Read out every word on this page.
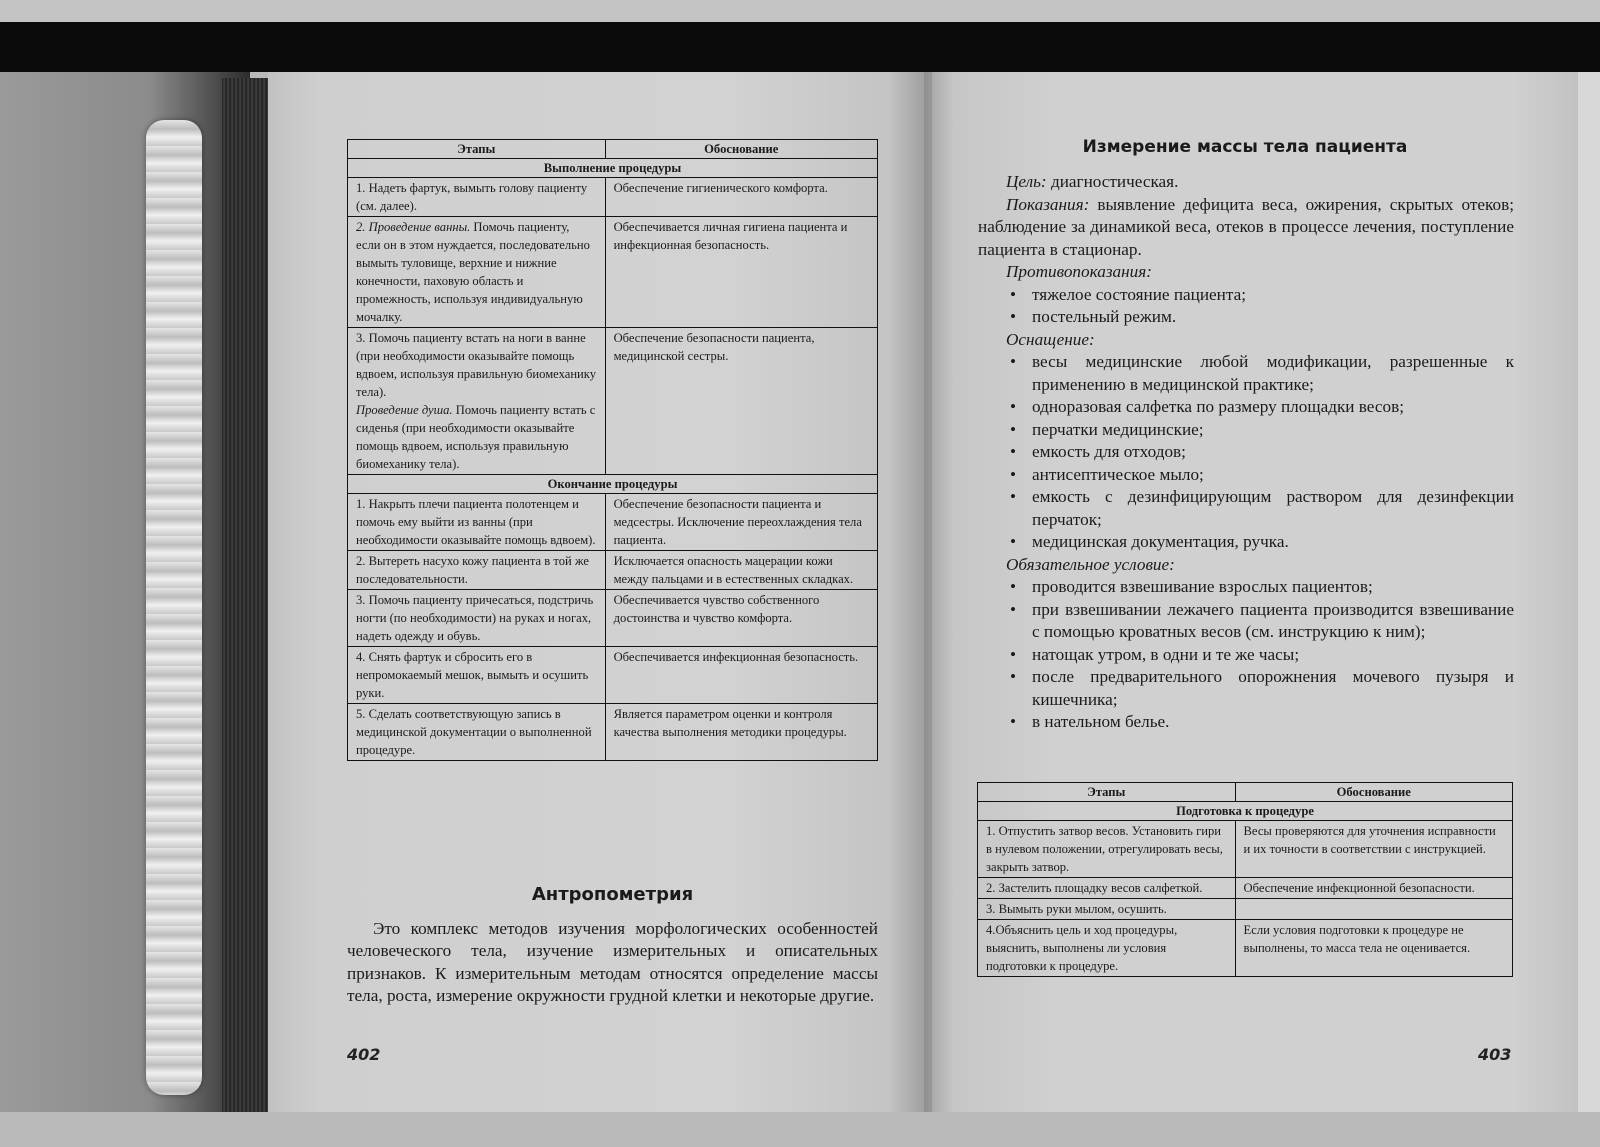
Этапы	Обоснование
Выполнение процедуры	
1. Надеть фартук, вымыть голову пациенту (см. далее).	Обеспечение гигиенического комфорта.
2. Проведение ванны. Помочь пациенту, если он в этом нуждается, последовательно вымыть туловище, верхние и нижние конечности, паховую область и промежность, используя индивидуальную мочалку.	Обеспечивается личная гигиена пациента и инфекционная безопасность.
3. Помочь пациенту встать на ноги в ванне (при необходимости оказывайте помощь вдвоем, используя правильную биомеханику тела).
Проведение душа. Помочь пациенту встать с сиденья (при необходимости оказывайте помощь вдвоем, используя правильную биомеханику тела).	Обеспечение безопасности пациента, медицинской сестры.
Окончание процедуры	
1. Накрыть плечи пациента полотенцем и помочь ему выйти из ванны (при необходимости оказывайте помощь вдвоем).	Обеспечение безопасности пациента и медсестры. Исключение переохлаждения тела пациента.
2. Вытереть насухо кожу пациента в той же последовательности.	Исключается опасность мацерации кожи между пальцами и в естественных складках.
3. Помочь пациенту причесаться, подстричь ногти (по необходимости) на руках и ногах, надеть одежду и обувь.	Обеспечивается чувство собственного достоинства и чувство комфорта.
4. Снять фартук и сбросить его в непромокаемый мешок, вымыть и осушить руки.	Обеспечивается инфекционная безопасность.
5. Сделать соответствующую запись в медицинской документации о выполненной процедуре.	Является параметром оценки и контроля качества выполнения методики процедуры.
Антропометрия
Это комплекс методов изучения морфологических особенностей человеческого тела, изучение измерительных и описательных признаков. К измерительным методам относятся определение массы тела, роста, измерение окружности грудной клетки и некоторые другие.
402
Измерение массы тела пациента

Цель: диагностическая.

Показания: выявление дефицита веса, ожирения, скрытых отеков; наблюдение за динамикой веса, отеков в процессе лечения, поступление пациента в стационар.

Противопоказания:

• тяжелое состояние пациента;
• постельный режим.

Оснащение:

• весы медицинские любой модификации, разрешенные к применению в медицинской практике;
• одноразовая салфетка по размеру площадки весов;
• перчатки медицинские;
• емкость для отходов;
• антисептическое мыло;
• емкость с дезинфицирующим раствором для дезинфекции перчаток;
• медицинская документация, ручка.

Обязательное условие:

• проводится взвешивание взрослых пациентов;
• при взвешивании лежачего пациента производится взвешивание с помощью кроватных весов (см. инструкцию к ним);
• натощак утром, в одни и те же часы;
• после предварительного опорожнения мочевого пузыря и кишечника;
• в нательном белье.
Этапы	Обоснование
Подготовка к процедуре	
1. Отпустить затвор весов. Установить гири в нулевом положении, отрегулировать весы, закрыть затвор.	Весы проверяются для уточнения исправности и их точности в соответствии с инструкцией.
2. Застелить площадку весов салфеткой.	Обеспечение инфекционной безопасности.
3. Вымыть руки мылом, осушить.	
4.Объяснить цель и ход процедуры, выяснить, выполнены ли условия подготовки к процедуре.	Если условия подготовки к процедуре не выполнены, то масса тела не оценивается.
403
